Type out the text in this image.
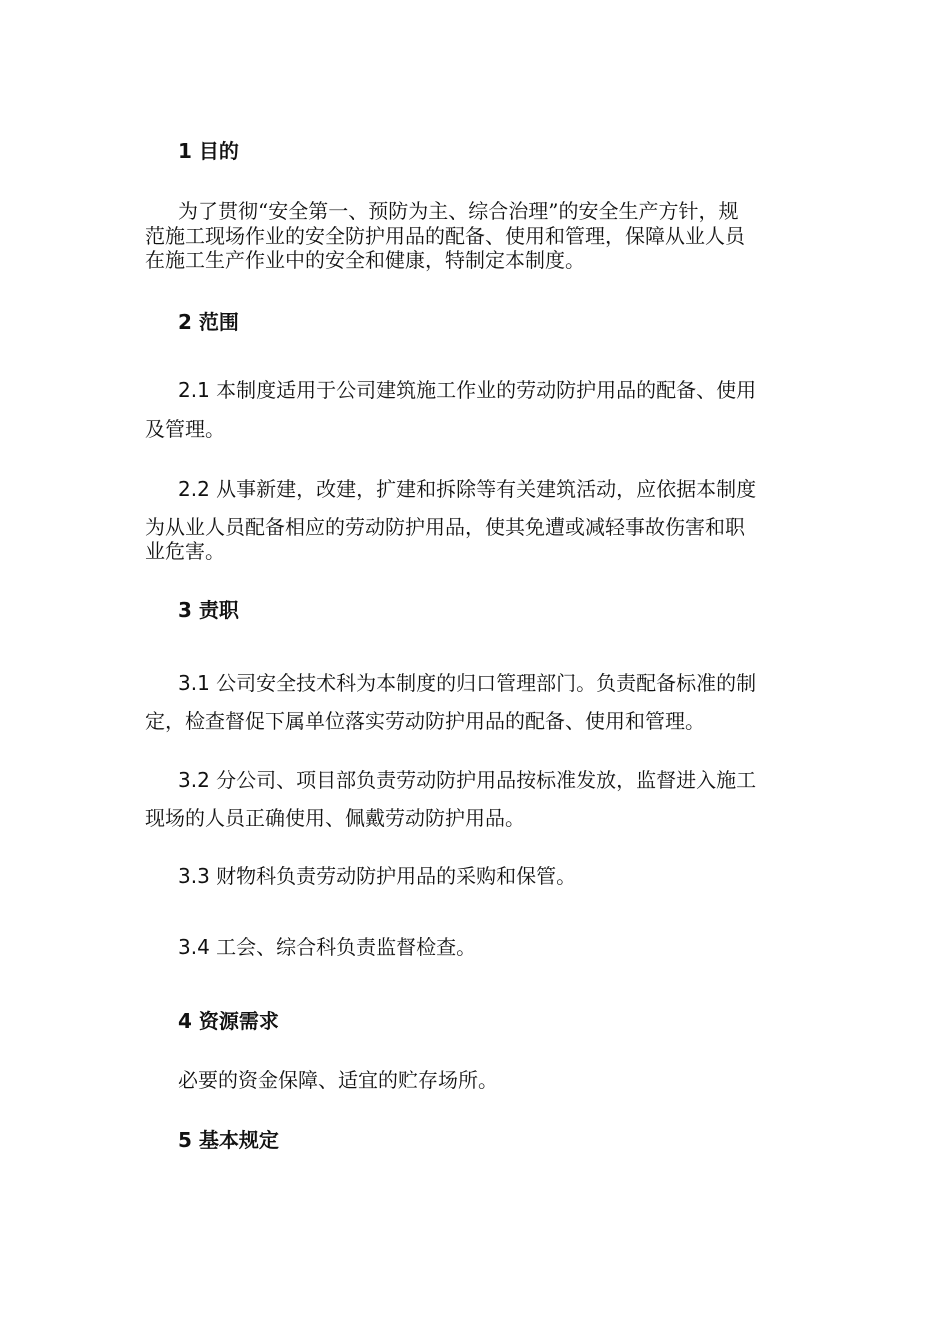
1 目的
为了贯彻“安全第一、预防为主、综合治理”的安全生产方针，规
范施工现场作业的安全防护用品的配备、使用和管理，保障从业人员
在施工生产作业中的安全和健康，特制定本制度。
2 范围
2.1 本制度适用于公司建筑施工作业的劳动防护用品的配备、使用
及管理。
2.2 从事新建，改建，扩建和拆除等有关建筑活动，应依据本制度
为从业人员配备相应的劳动防护用品，使其免遭或减轻事故伤害和职
业危害。
3 责职
3.1 公司安全技术科为本制度的归口管理部门。负责配备标准的制
定，检查督促下属单位落实劳动防护用品的配备、使用和管理。
3.2 分公司、项目部负责劳动防护用品按标准发放，监督进入施工
现场的人员正确使用、佩戴劳动防护用品。
3.3 财物科负责劳动防护用品的采购和保管。
3.4 工会、综合科负责监督检查。
4 资源需求
必要的资金保障、适宜的贮存场所。
5 基本规定
